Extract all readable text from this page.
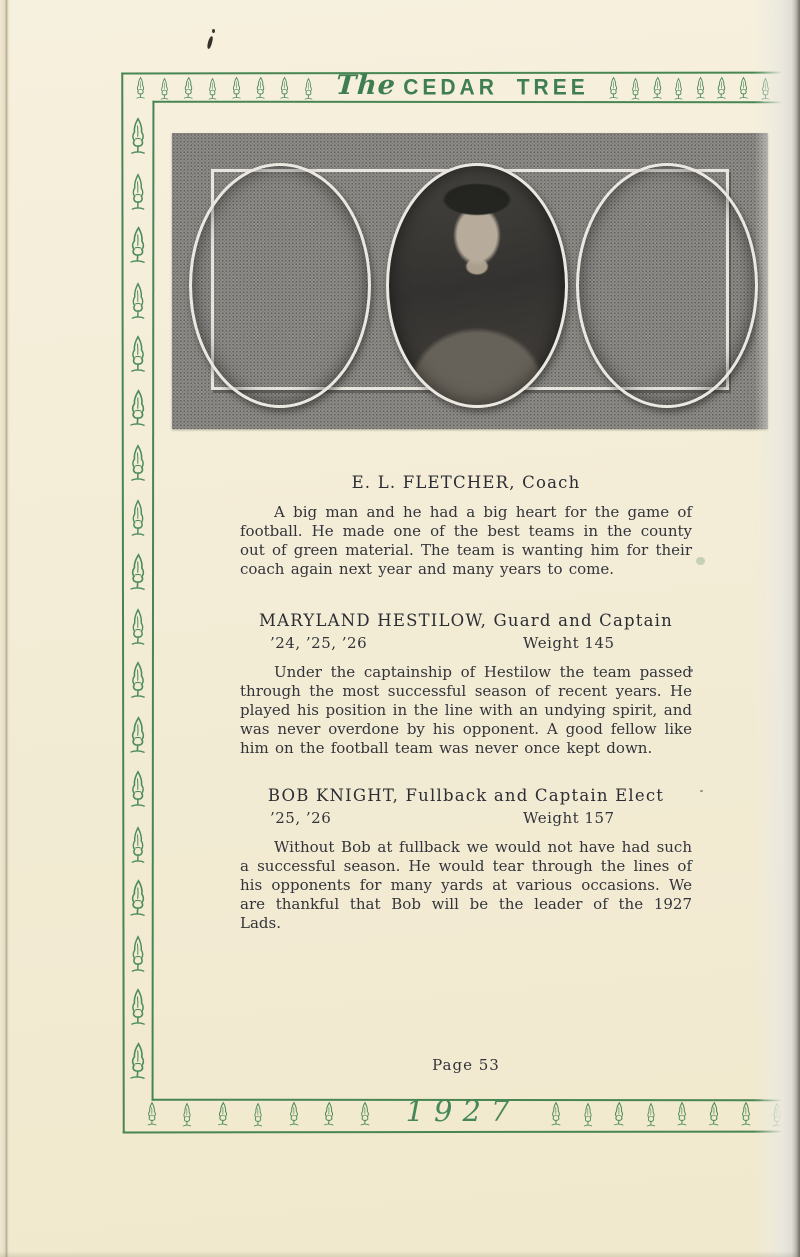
The CEDAR TREE
1927
E. L. FLETCHER, Coach
A big man and he had a big heart for the game of football. He made one of the best teams in the county out of green material. The team is wanting him for their coach again next year and many years to come.
MARYLAND HESTILOW, Guard and Captain
’24, ’25, ’26	Weight 145
Under the captainship of Hestilow the team passed through the most successful season of recent years. He played his position in the line with an undying spirit, and was never overdone by his opponent. A good fellow like him on the football team was never once kept down.
BOB KNIGHT, Fullback and Captain Elect
’25, ’26	Weight 157
Without Bob at fullback we would not have had such a successful season. He would tear through the lines of his opponents for many yards at various occasions. We are thankful that Bob will be the leader of the 1927 Lads.
Page 53
